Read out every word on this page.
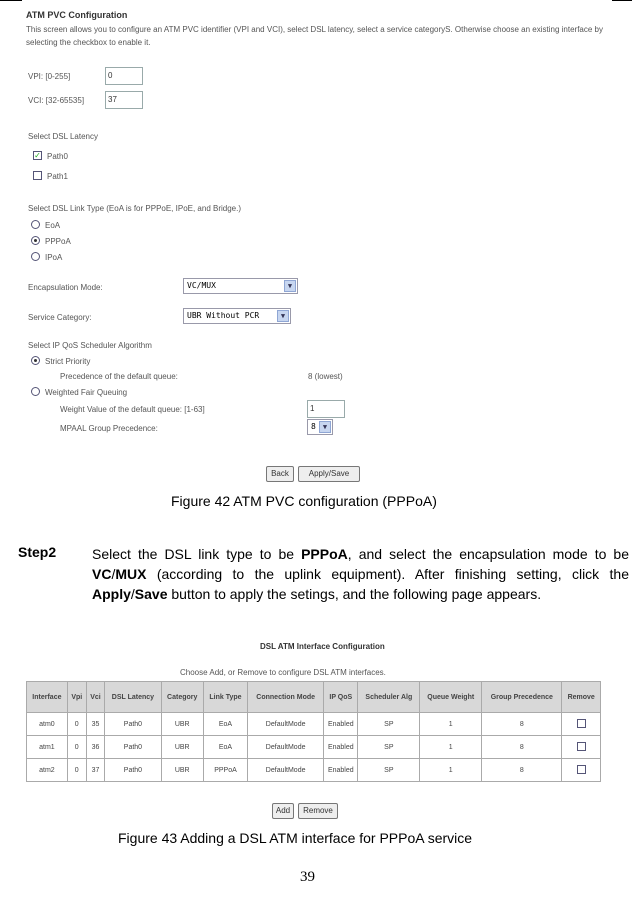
ATM PVC Configuration
This screen allows you to configure an ATM PVC identifier (VPI and VCI), select DSL latency, select a service categoryS. Otherwise choose an existing interface by selecting the checkbox to enable it.
VPI: [0-255]	0
VCI: [32-65535]	37
Select DSL Latency
✓ Path0
Path1
Select DSL Link Type (EoA is for PPPoE, IPoE, and Bridge.)
EoA
PPPoA
IPoA
Encapsulation Mode:	VC/MUX	▼
Service Category:	UBR Without PCR	▼
Select IP QoS Scheduler Algorithm
Strict Priority
Precedence of the default queue:	8 (lowest)
Weighted Fair Queuing
Weight Value of the default queue: [1-63]	1
MPAAL Group Precedence:	8	▼
Back	Apply/Save
Figure 42 ATM PVC configuration (PPPoA)
Step2	Select the DSL link type to be PPPoA, and select the encapsulation mode to be VC/MUX (according to the uplink equipment). After finishing setting, click the Apply/Save button to apply the setings, and the following page appears.
DSL ATM Interface Configuration
Choose Add, or Remove to configure DSL ATM interfaces.
Interface	Vpi	Vci	DSL Latency	Category	Link Type	Connection Mode	IP QoS	Scheduler Alg	Queue Weight	Group Precedence	Remove
atm0	0	35	Path0	UBR	EoA	DefaultMode	Enabled	SP	1	8	
atm1	0	36	Path0	UBR	EoA	DefaultMode	Enabled	SP	1	8	
atm2	0	37	Path0	UBR	PPPoA	DefaultMode	Enabled	SP	1	8	
Add	Remove
Figure 43 Adding a DSL ATM interface for PPPoA service
39
